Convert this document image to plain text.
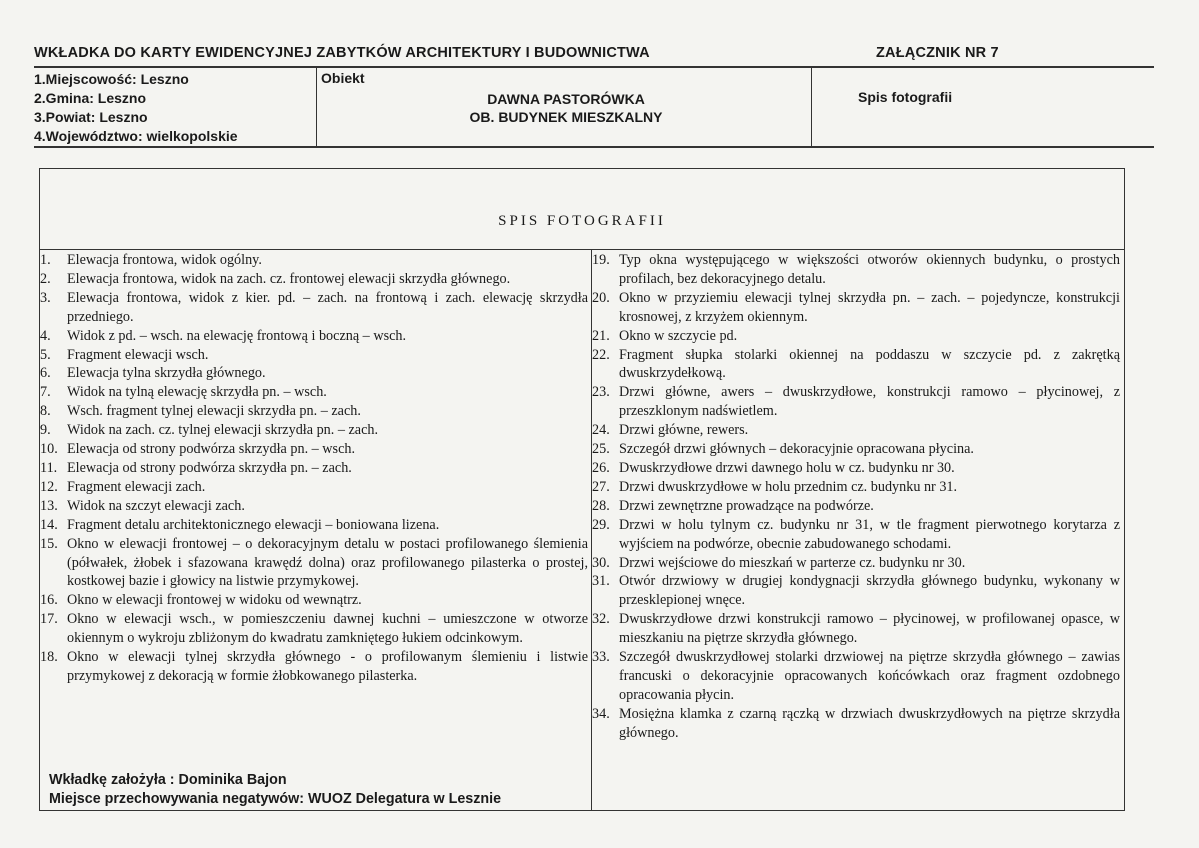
WKŁADKA DO KARTY EWIDENCYJNEJ ZABYTKÓW ARCHITEKTURY I BUDOWNICTWA	ZAŁĄCZNIK NR 7
1.Miejscowość: Leszno
2.Gmina: Leszno
3.Powiat: Leszno
4.Województwo: wielkopolskie
Obiekt
DAWNA PASTORÓWKA
OB. BUDYNEK MIESZKALNY
Spis fotografii
SPIS FOTOGRAFII
1. Elewacja frontowa, widok ogólny.
2. Elewacja frontowa, widok na zach. cz. frontowej elewacji skrzydła głównego.
3. Elewacja frontowa, widok z kier. pd. – zach. na frontową i zach. elewację skrzydła przedniego.
4. Widok z pd. – wsch. na elewację frontową i boczną – wsch.
5. Fragment elewacji wsch.
6. Elewacja tylna skrzydła głównego.
7. Widok na tylną elewację skrzydła pn. – wsch.
8. Wsch. fragment tylnej elewacji skrzydła pn. – zach.
9. Widok na zach. cz. tylnej elewacji skrzydła pn. – zach.
10. Elewacja od strony podwórza skrzydła pn. – wsch.
11. Elewacja od strony podwórza skrzydła pn. – zach.
12. Fragment elewacji zach.
13. Widok na szczyt elewacji zach.
14. Fragment detalu architektonicznego elewacji – boniowana lizena.
15. Okno w elewacji frontowej – o dekoracyjnym detalu w postaci profilowanego ślemienia (półwałek, żłobek i sfazowana krawędź dolna) oraz profilowanego pilasterka o prostej, kostkowej bazie i głowicy na listwie przymykowej.
16. Okno w elewacji frontowej w widoku od wewnątrz.
17. Okno w elewacji wsch., w pomieszczeniu dawnej kuchni – umieszczone w otworze okiennym o wykroju zbliżonym do kwadratu zamkniętego łukiem odcinkowym.
18. Okno w elewacji tylnej skrzydła głównego - o profilowanym ślemieniu i listwie przymykowej z dekoracją w formie żłobkowanego pilasterka.
19. Typ okna występującego w większości otworów okiennych budynku, o prostych profilach, bez dekoracyjnego detalu.
20. Okno w przyziemiu elewacji tylnej skrzydła pn. – zach. – pojedyncze, konstrukcji krosnowej, z krzyżem okiennym.
21. Okno w szczycie pd.
22. Fragment słupka stolarki okiennej na poddaszu w szczycie pd. z zakrętką dwuskrzydełkową.
23. Drzwi główne, awers – dwuskrzydłowe, konstrukcji ramowo – płycinowej, z przeszklonym nadświetlem.
24. Drzwi główne, rewers.
25. Szczegół drzwi głównych – dekoracyjnie opracowana płycina.
26. Dwuskrzydłowe drzwi dawnego holu w cz. budynku nr 30.
27. Drzwi dwuskrzydłowe w holu przednim cz. budynku nr 31.
28. Drzwi zewnętrzne prowadzące na podwórze.
29. Drzwi w holu tylnym cz. budynku nr 31, w tle fragment pierwotnego korytarza z wyjściem na podwórze, obecnie zabudowanego schodami.
30. Drzwi wejściowe do mieszkań w parterze cz. budynku nr 30.
31. Otwór drzwiowy w drugiej kondygnacji skrzydła głównego budynku, wykonany w przesklepionej wnęce.
32. Dwuskrzydłowe drzwi konstrukcji ramowo – płycinowej, w profilowanej opasce, w mieszkaniu na piętrze skrzydła głównego.
33. Szczegół dwuskrzydłowej stolarki drzwiowej na piętrze skrzydła głównego – zawias francuski o dekoracyjnie opracowanych końcówkach oraz fragment ozdobnego opracowania płycin.
34. Mosiężna klamka z czarną rączką w drzwiach dwuskrzydłowych na piętrze skrzydła głównego.
Wkładkę założyła : Dominika Bajon
Miejsce przechowywania negatywów: WUOZ Delegatura w Lesznie
